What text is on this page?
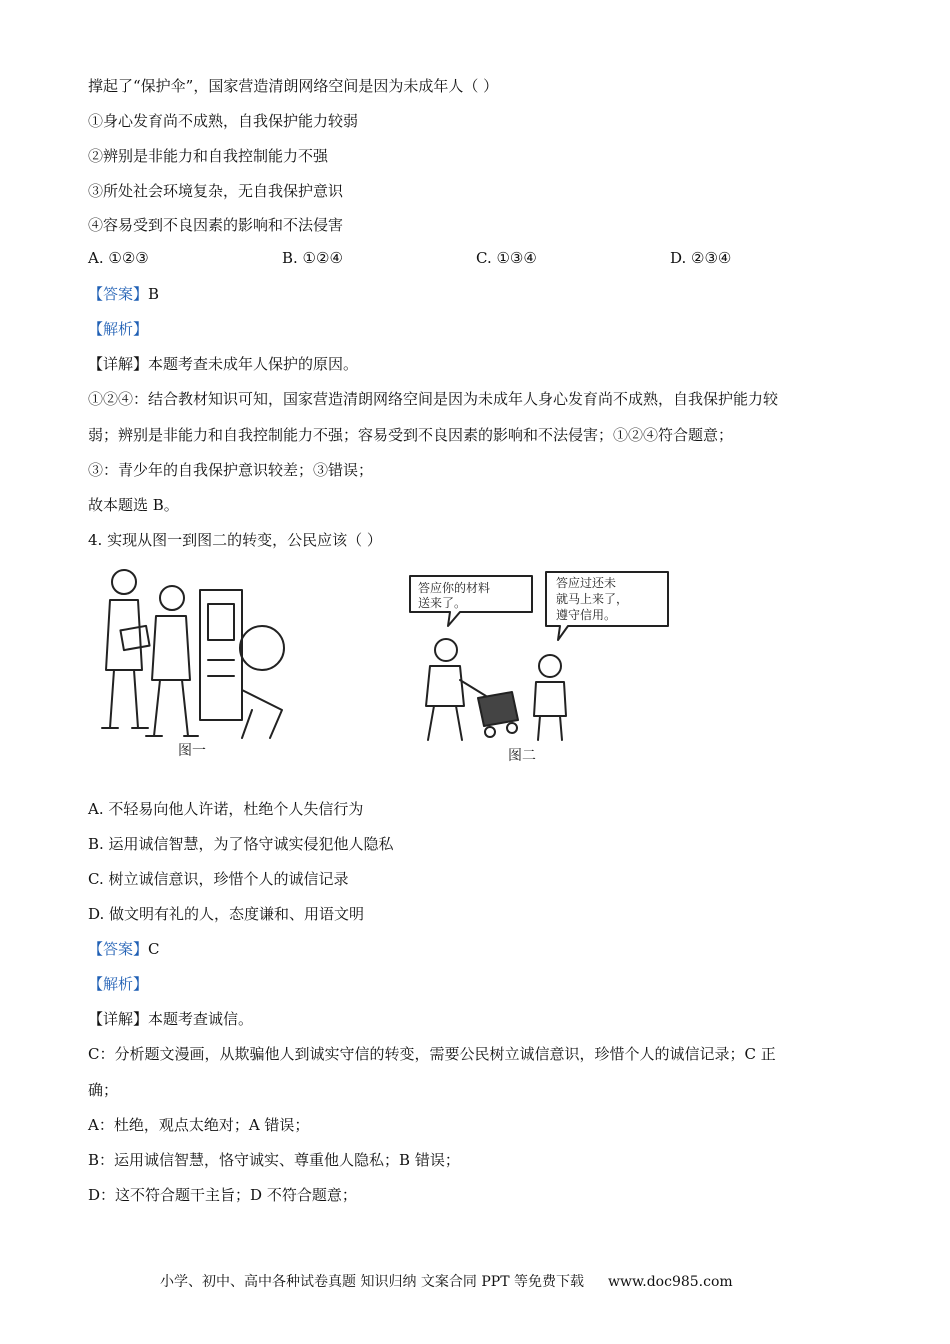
撑起了“保护伞”，国家营造清朗网络空间是因为未成年人（ ）
①身心发育尚不成熟，自我保护能力较弱
②辨别是非能力和自我控制能力不强
③所处社会环境复杂，无自我保护意识
④容易受到不良因素的影响和不法侵害
A. ①②③	B. ①②④	C. ①③④	D. ②③④
【答案】B
【解析】
【详解】本题考查未成年人保护的原因。
①②④：结合教材知识可知，国家营造清朗网络空间是因为未成年人身心发育尚不成熟，自我保护能力较
弱；辨别是非能力和自我控制能力不强；容易受到不良因素的影响和不法侵害；①②④符合题意；
③：青少年的自我保护意识较差；③错误；
故本题选 B。
4. 实现从图一到图二的转变，公民应该（ ）
图一
答应你的材料
送来了。
答应过还未
就马上来了，
遵守信用。
图二
A. 不轻易向他人许诺，杜绝个人失信行为
B. 运用诚信智慧，为了恪守诚实侵犯他人隐私
C. 树立诚信意识，珍惜个人的诚信记录
D. 做文明有礼的人，态度谦和、用语文明
【答案】C
【解析】
【详解】本题考查诚信。
C：分析题文漫画，从欺骗他人到诚实守信的转变，需要公民树立诚信意识，珍惜个人的诚信记录；C 正
确；
A：杜绝，观点太绝对；A 错误；
B：运用诚信智慧，恪守诚实、尊重他人隐私；B 错误；
D：这不符合题干主旨；D 不符合题意；
小学、初中、高中各种试卷真题 知识归纳 文案合同 PPT 等免费下载 www.doc985.com
